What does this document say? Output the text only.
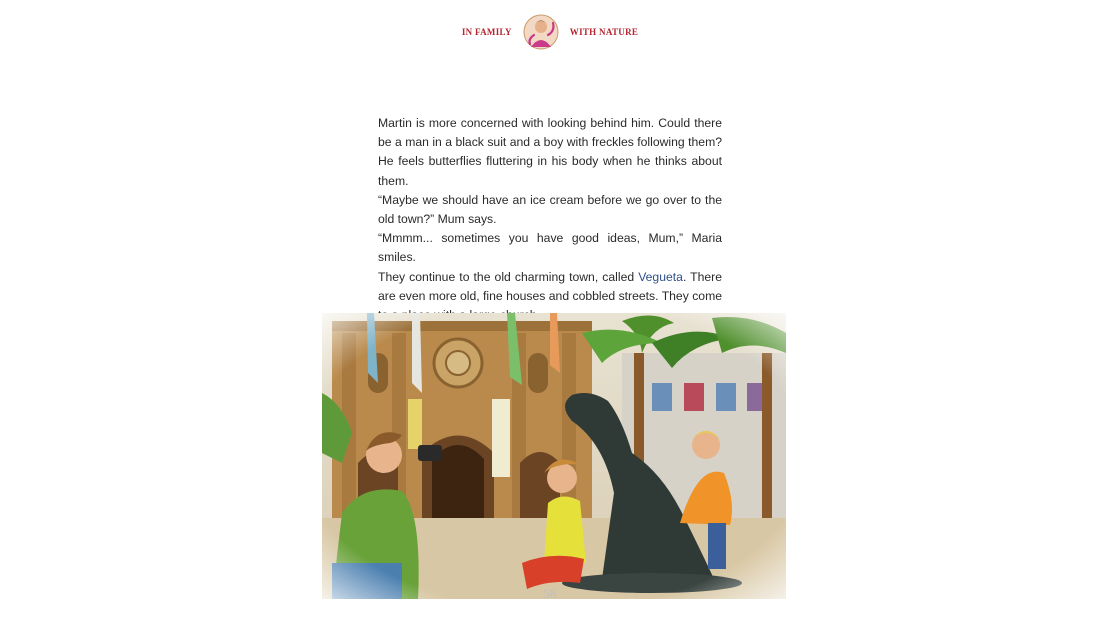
IN FAMILY	WITH NATURE

Martin is more concerned with looking behind him. Could there be a man in a black suit and a boy with freckles following them? He feels butterflies fluttering in his body when he thinks about them.

“Maybe we should have an ice cream before we go over to the old town?” Mum says.

“Mmmm... sometimes you have good ideas, Mum,” Maria smiles.

They continue to the old charming town, called Vegueta. There are even more old, fine houses and cobbled streets. They come

58
